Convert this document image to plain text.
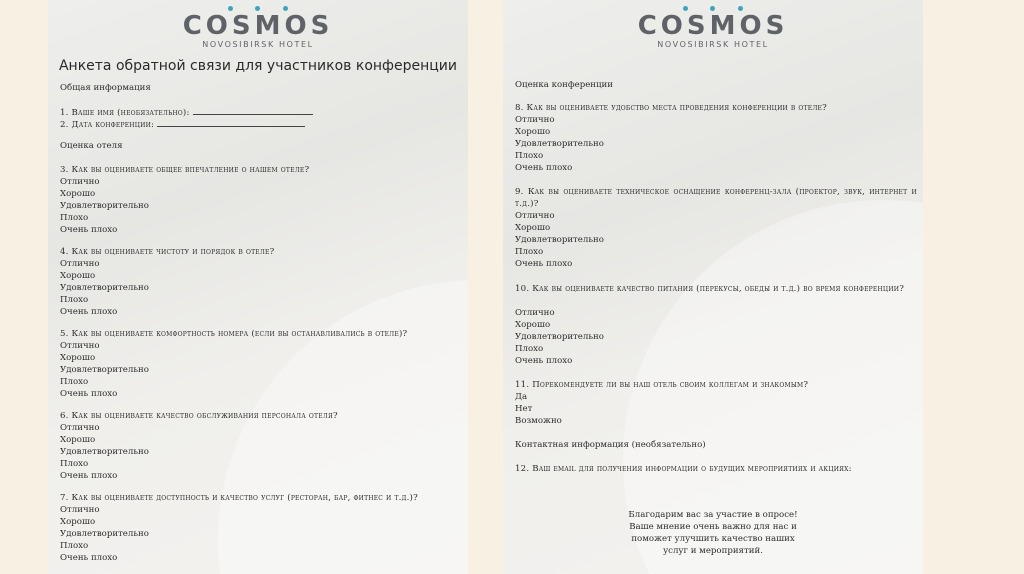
COSMOS
NOVOSIBIRSK HOTEL
Анкета обратной связи для участников конференции
Общая информация
1. Ваше имя (необязательно):
2. Дата конференции:
Оценка отеля
3. Как вы оцениваете общее впечатление о нашем отеле?
Отлично
Хорошо
Удовлетворительно
Плохо
Очень плохо
4. Как вы оцениваете чистоту и порядок в отеле?
Отлично
Хорошо
Удовлетворительно
Плохо
Очень плохо
5. Как вы оцениваете комфортность номера (если вы останавливались в отеле)?
Отлично
Хорошо
Удовлетворительно
Плохо
Очень плохо
6. Как вы оцениваете качество обслуживания персонала отеля?
Отлично
Хорошо
Удовлетворительно
Плохо
Очень плохо
7. Как вы оцениваете доступность и качество услуг (ресторан, бар, фитнес и т.д.)?
Отлично
Хорошо
Удовлетворительно
Плохо
Очень плохо
COSMOS
NOVOSIBIRSK HOTEL
Оценка конференции
8. Как вы оцениваете удобство места проведения конференции в отеле?
Отлично
Хорошо
Удовлетворительно
Плохо
Очень плохо
9. Как вы оцениваете техническое оснащение конференц-зала (проектор, звук, интернет и т.д.)?
Отлично
Хорошо
Удовлетворительно
Плохо
Очень плохо
10. Как вы оцениваете качество питания (перекусы, обеды и т.д.) во время конференции?
Отлично
Хорошо
Удовлетворительно
Плохо
Очень плохо
11. Порекомендуете ли вы наш отель своим коллегам и знакомым?
Да
Нет
Возможно
Контактная информация (необязательно)
12. Ваш email для получения информации о будущих мероприятиях и акциях:
Благодарим вас за участие в опросе!
Ваше мнение очень важно для нас и
поможет улучшить качество наших
услуг и мероприятий.
